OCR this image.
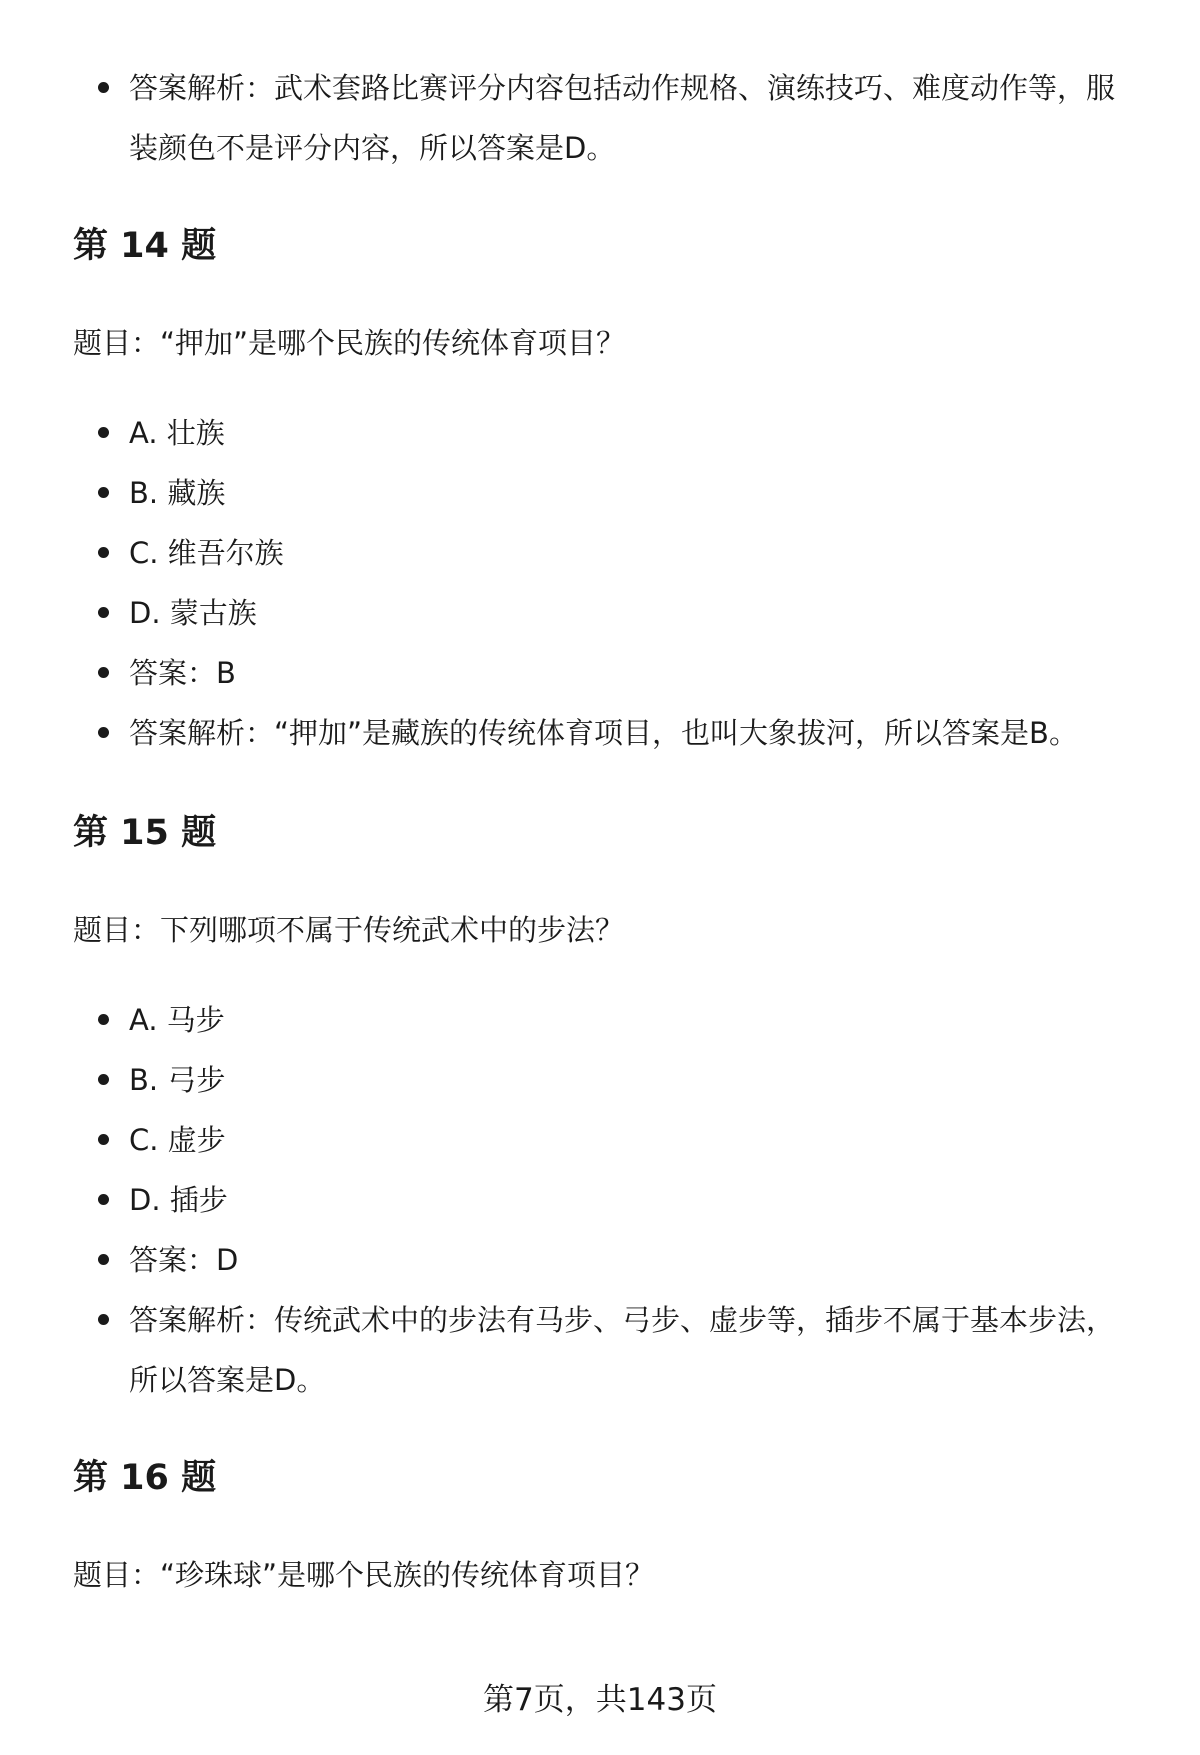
答案解析：武术套路比赛评分内容包括动作规格、演练技巧、难度动作等，服装颜色不是评分内容，所以答案是D。
第 14 题
题目：“押加”是哪个民族的传统体育项目？
A. 壮族
B. 藏族
C. 维吾尔族
D. 蒙古族
答案：B
答案解析：“押加”是藏族的传统体育项目，也叫大象拔河，所以答案是B。
第 15 题
题目：下列哪项不属于传统武术中的步法？
A. 马步
B. 弓步
C. 虚步
D. 插步
答案：D
答案解析：传统武术中的步法有马步、弓步、虚步等，插步不属于基本步法，所以答案是D。
第 16 题
题目：“珍珠球”是哪个民族的传统体育项目？
第7页，共143页
